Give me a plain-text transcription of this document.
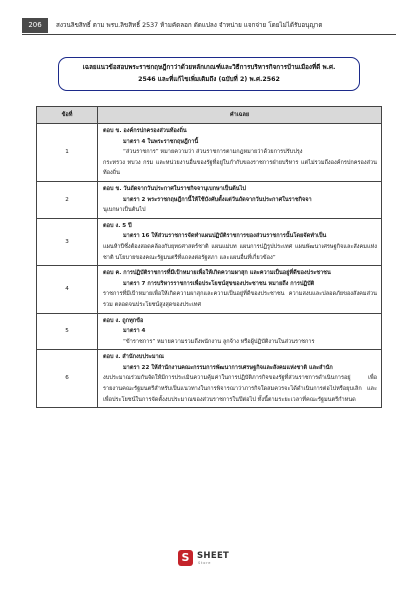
206	สงวนลิขสิทธิ์ ตาม พรบ.ลิขสิทธิ์ 2537 ห้ามคัดลอก ดัดแปลง จำหน่าย แจกจ่าย โดยไม่ได้รับอนุญาต
เฉลยแนวข้อสอบพระราชกฤษฎีกาว่าด้วยหลักเกณฑ์และวิธีการบริหารกิจการบ้านเมืองที่ดี พ.ศ.
2546 และที่แก้ไขเพิ่มเติมถึง (ฉบับที่ 2) พ.ศ.2562
ข้อที่	คำเฉลย
1	ตอบ ข. องค์กรปกครองส่วนท้องถิ่น
มาตรา 4 ในพระราชกฤษฎีกานี้
“ส่วนราชการ” หมายความว่า ส่วนราชการตามกฎหมายว่าด้วยการปรับปรุง
กระทรวง ทบวง กรม และหน่วยงานอื่นของรัฐที่อยู่ในกำกับของราชการฝ่ายบริหาร แต่ไม่รวมถึงองค์กรปกครองส่วนท้องถิ่น

2	ตอบ ข. วันถัดจากวันประกาศในราชกิจจานุเบกษาเป็นต้นไป
มาตรา 2 พระราชกฤษฎีกานี้ให้ใช้บังคับตั้งแต่วันถัดจากวันประกาศในราชกิจจา
นุเบกษาเป็นต้นไป

3	ตอบ ง. 5 ปี
มาตรา 16 ให้ส่วนราชการจัดทำแผนปฏิบัติราชการของส่วนราชการนั้นโดยจัดทำเป็น
แผนห้าปีซึ่งต้องสอดคล้องกับยุทธศาสตร์ชาติ แผนแม่บท แผนการปฏิรูปประเทศ แผนพัฒนาเศรษฐกิจและสังคมแห่งชาติ นโยบายของคณะรัฐมนตรีที่แถลงต่อรัฐสภา และแผนอื่นที่เกี่ยวข้อง”

4	ตอบ ค. การปฏิบัติราชการที่มีเป้าหมายเพื่อให้เกิดความผาสุก และความเป็นอยู่ที่ดีของประชาชน
มาตรา 7 การบริหารราชการเพื่อประโยชน์สุขของประชาชน หมายถึง การปฏิบัติ
ราชการที่มีเป้าหมายเพื่อให้เกิดความผาสุกและความเป็นอยู่ที่ดีของประชาชน ความสงบและปลอดภัยของสังคมส่วนรวม ตลอดจนประโยชน์สูงสุดของประเทศ

5	ตอบ ง. ถูกทุกข้อ
มาตรา 4
“ข้าราชการ” หมายความรวมถึงพนักงาน ลูกจ้าง หรือผู้ปฏิบัติงานในส่วนราชการ

6	ตอบ ง. สำนักงบประมาณ
มาตรา 22 ให้สำนักงานคณะกรรมการพัฒนาการเศรษฐกิจและสังคมแห่งชาติ และสำนัก
งบประมาณร่วมกันจัดให้มีการประเมินความคุ้มค่าในการปฏิบัติภารกิจของรัฐที่ส่วนราชการดำเนินการอยู่ เพื่อรายงานคณะรัฐมนตรีสำหรับเป็นแนวทางในการพิจารณาว่าภารกิจใดสมควรจะได้ดำเนินการต่อไปหรือยุบเลิก และเพื่อประโยชน์ในการจัดตั้งงบประมาณของส่วนราชการในปีต่อไป ทั้งนี้ตามระยะเวลาที่คณะรัฐมนตรีกำหนด
S SHEET
Store
